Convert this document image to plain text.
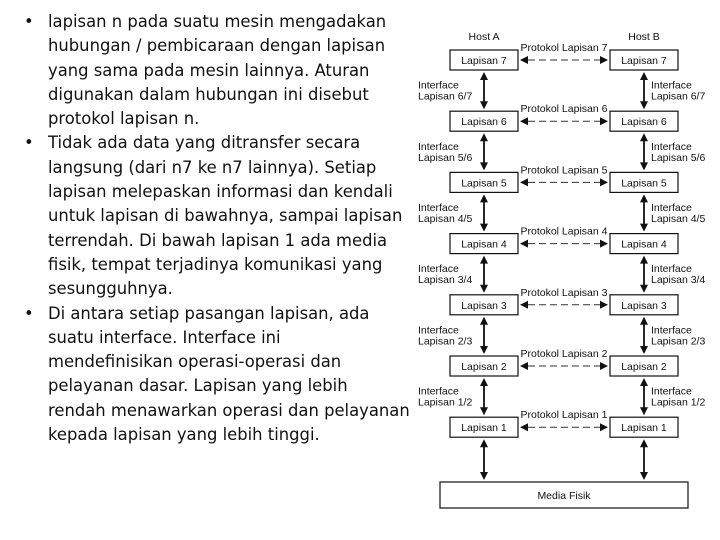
• lapisan n pada suatu mesin mengadakan hubungan / pembicaraan dengan lapisan yang sama pada mesin lainnya. Aturan digunakan dalam hubungan ini disebut protokol lapisan n.
• Tidak ada data yang ditransfer secara langsung (dari n7 ke n7 lainnya). Setiap lapisan melepaskan informasi dan kendali untuk lapisan di bawahnya, sampai lapisan terrendah. Di bawah lapisan 1 ada media fisik, tempat terjadinya komunikasi yang sesungguhnya.
• Di antara setiap pasangan lapisan, ada suatu interface. Interface ini mendefinisikan operasi-operasi dan pelayanan dasar. Lapisan yang lebih rendah menawarkan operasi dan pelayanan kepada lapisan yang lebih tinggi.
Host A	Host B
Protokol Lapisan 7
Lapisan 7	Lapisan 7
Protokol Lapisan 6
Lapisan 6	Lapisan 6
Protokol Lapisan 5
Lapisan 5	Lapisan 5
Protokol Lapisan 4
Lapisan 4	Lapisan 4
Protokol Lapisan 3
Lapisan 3	Lapisan 3
Protokol Lapisan 2
Lapisan 2	Lapisan 2
Protokol Lapisan 1
Lapisan 1	Lapisan 1
Interface
Lapisan 6/7
Interface
Lapisan 6/7
Interface
Lapisan 5/6
Interface
Lapisan 5/6
Interface
Lapisan 4/5
Interface
Lapisan 4/5
Interface
Lapisan 3/4
Interface
Lapisan 3/4
Interface
Lapisan 2/3
Interface
Lapisan 2/3
Interface
Lapisan 1/2
Interface
Lapisan 1/2
Media Fisik
